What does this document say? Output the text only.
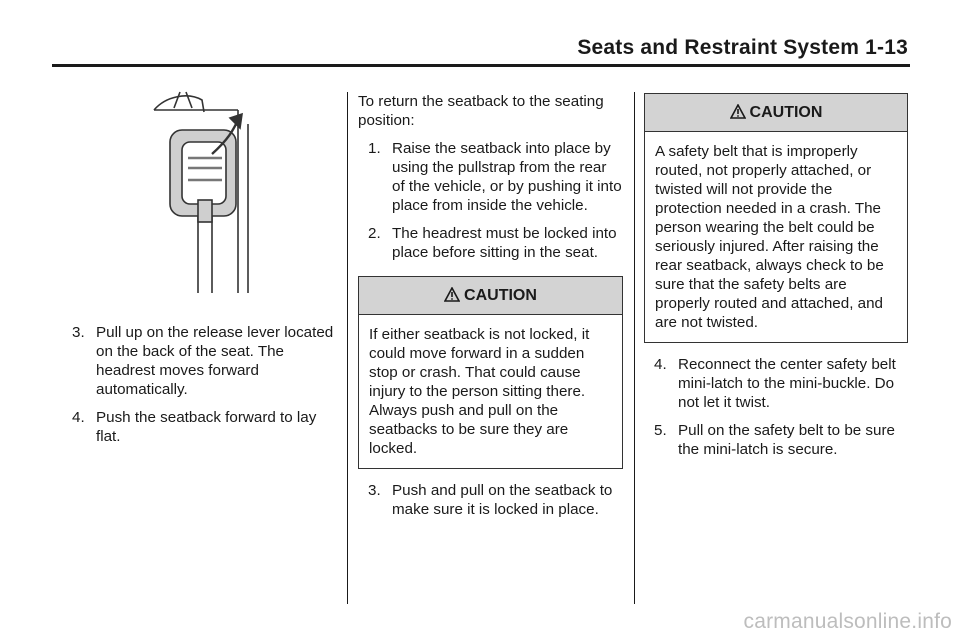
Seats and Restraint System 1-13
3. Pull up on the release lever located on the back of the seat. The headrest moves forward automatically.
4. Push the seatback forward to lay flat.

To return the seatback to the seating position:

1. Raise the seatback into place by using the pullstrap from the rear of the vehicle, or by pushing it into place from inside the vehicle.
2. The headrest must be locked into place before sitting in the seat.
CAUTION
If either seatback is not locked, it could move forward in a sudden stop or crash. That could cause injury to the person sitting there. Always push and pull on the seatbacks to be sure they are locked.
3. Push and pull on the seatback to make sure it is locked in place.
CAUTION
A safety belt that is improperly routed, not properly attached, or twisted will not provide the protection needed in a crash. The person wearing the belt could be seriously injured. After raising the rear seatback, always check to be sure that the safety belts are properly routed and attached, and are not twisted.
4. Reconnect the center safety belt mini-latch to the mini-buckle. Do not let it twist.
5. Pull on the safety belt to be sure the mini-latch is secure.
carmanualsonline.info
